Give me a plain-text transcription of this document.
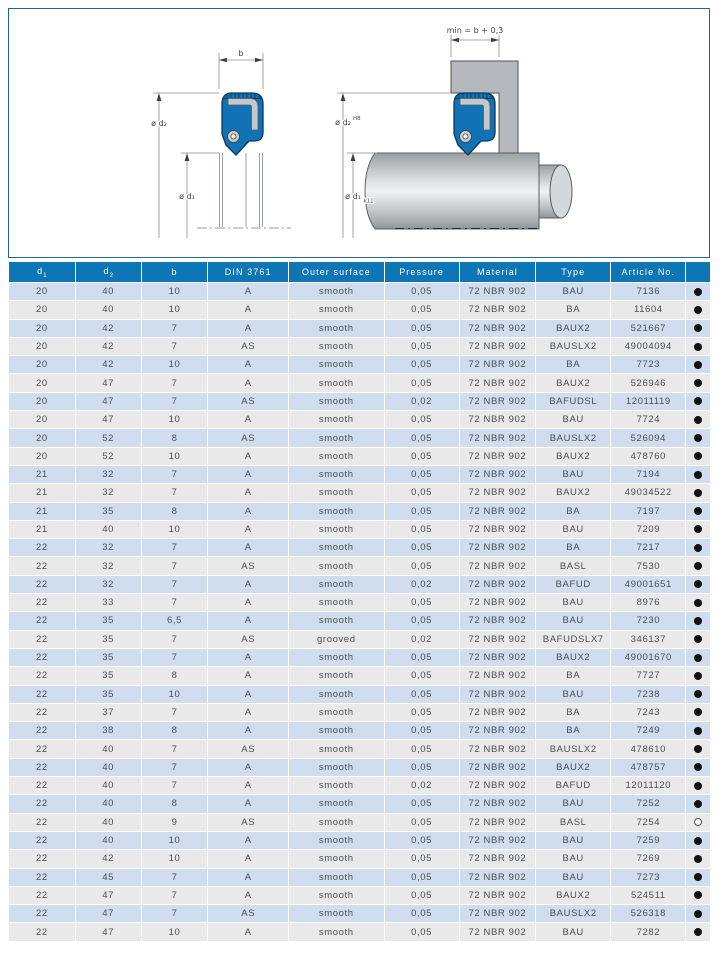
b
ø d₂
ø d₁
min = b + 0,3
ø d₂ H8
ø d₁
k11
$d_1$	$d_2$	b	DIN 3761	Outer surface	Pressure	Material	Type	Article No.	
20	40	10	A	smooth	0,05	72 NBR 902	BAU	7136	
20	40	10	A	smooth	0,05	72 NBR 902	BA	11604	
20	42	7	A	smooth	0,05	72 NBR 902	BAUX2	521667	
20	42	7	AS	smooth	0,05	72 NBR 902	BAUSLX2	49004094	
20	42	10	A	smooth	0,05	72 NBR 902	BA	7723	
20	47	7	A	smooth	0,05	72 NBR 902	BAUX2	526946	
20	47	7	AS	smooth	0,02	72 NBR 902	BAFUDSL	12011119	
20	47	10	A	smooth	0,05	72 NBR 902	BAU	7724	
20	52	8	AS	smooth	0,05	72 NBR 902	BAUSLX2	526094	
20	52	10	A	smooth	0,05	72 NBR 902	BAUX2	478760	
21	32	7	A	smooth	0,05	72 NBR 902	BAU	7194	
21	32	7	A	smooth	0,05	72 NBR 902	BAUX2	49034522	
21	35	8	A	smooth	0,05	72 NBR 902	BA	7197	
21	40	10	A	smooth	0,05	72 NBR 902	BAU	7209	
22	32	7	A	smooth	0,05	72 NBR 902	BA	7217	
22	32	7	AS	smooth	0,05	72 NBR 902	BASL	7530	
22	32	7	A	smooth	0,02	72 NBR 902	BAFUD	49001651	
22	33	7	A	smooth	0,05	72 NBR 902	BAU	8976	
22	35	6,5	A	smooth	0,05	72 NBR 902	BAU	7230	
22	35	7	AS	grooved	0,02	72 NBR 902	BAFUDSLX7	346137	
22	35	7	A	smooth	0,05	72 NBR 902	BAUX2	49001670	
22	35	8	A	smooth	0,05	72 NBR 902	BA	7727	
22	35	10	A	smooth	0,05	72 NBR 902	BAU	7238	
22	37	7	A	smooth	0,05	72 NBR 902	BA	7243	
22	38	8	A	smooth	0,05	72 NBR 902	BA	7249	
22	40	7	AS	smooth	0,05	72 NBR 902	BAUSLX2	478610	
22	40	7	A	smooth	0,05	72 NBR 902	BAUX2	478757	
22	40	7	A	smooth	0,02	72 NBR 902	BAFUD	12011120	
22	40	8	A	smooth	0,05	72 NBR 902	BAU	7252	
22	40	9	AS	smooth	0,05	72 NBR 902	BASL	7254	
22	40	10	A	smooth	0,05	72 NBR 902	BAU	7259	
22	42	10	A	smooth	0,05	72 NBR 902	BAU	7269	
22	45	7	A	smooth	0,05	72 NBR 902	BAU	7273	
22	47	7	A	smooth	0,05	72 NBR 902	BAUX2	524511	
22	47	7	AS	smooth	0,05	72 NBR 902	BAUSLX2	526318	
22	47	10	A	smooth	0,05	72 NBR 902	BAU	7282	
